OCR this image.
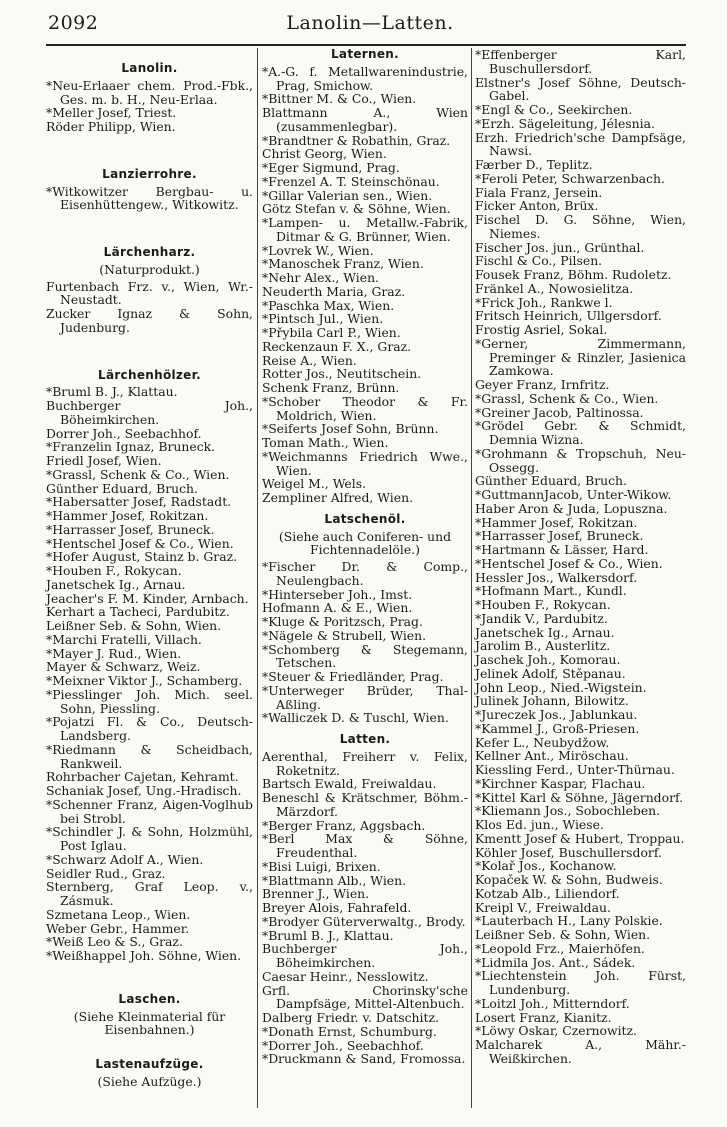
2092	Lanolin—Latten.
Lanolin.
*Neu-Erlaaer chem. Prod.-Fbk., Ges. m. b. H., Neu-Erlaa.
*Meller Josef, Triest.
Röder Philipp, Wien.
Lanzierrohre.
*Witkowitzer Bergbau- u. Eisenhüttengew., Witkowitz.
Lärchenharz.
(Naturprodukt.)
Furtenbach Frz. v., Wien, Wr.-Neustadt.
Zucker Ignaz & Sohn, Judenburg.
Lärchenhölzer.
*Bruml B. J., Klattau.
Buchberger Joh., Böheimkirchen.
Dorrer Joh., Seebachhof.
*Franzelin Ignaz, Bruneck.
Friedl Josef, Wien.
*Grassl, Schenk & Co., Wien.
Günther Eduard, Bruch.
*Habersatter Josef, Radstadt.
*Hammer Josef, Rokitzan.
*Harrasser Josef, Bruneck.
*Hentschel Josef & Co., Wien.
*Hofer August, Stainz b. Graz.
*Houben F., Rokycan.
Janetschek Ig., Arnau.
Jeacher's F. M. Kinder, Arnbach.
Kerhart a Tacheci, Pardubitz.
Leißner Seb. & Sohn, Wien.
*Marchi Fratelli, Villach.
*Mayer J. Rud., Wien.
Mayer & Schwarz, Weiz.
*Meixner Viktor J., Schamberg.
*Piesslinger Joh. Mich. seel. Sohn, Piessling.
*Pojatzi Fl. & Co., Deutsch-Landsberg.
*Riedmann & Scheidbach, Rankweil.
Rohrbacher Cajetan, Kehramt.
Schaniak Josef, Ung.-Hradisch.
*Schenner Franz, Aigen-Voglhub bei Strobl.
*Schindler J. & Sohn, Holzmühl, Post Iglau.
*Schwarz Adolf A., Wien.
Seidler Rud., Graz.
Sternberg, Graf Leop. v., Zásmuk.
Szmetana Leop., Wien.
Weber Gebr., Hammer.
*Weiß Leo & S., Graz.
*Weißhappel Joh. Söhne, Wien.
Laschen.
(Siehe Kleinmaterial für Eisenbahnen.)
Lastenaufzüge.
(Siehe Aufzüge.)
Laternen.
*A.-G. f. Metallwarenindustrie, Prag, Smichow.
*Bittner M. & Co., Wien.
Blattmann A., Wien (zusammenlegbar).
*Brandtner & Robathin, Graz.
Christ Georg, Wien.
*Eger Sigmund, Prag.
*Frenzel A. T. Steinschönau.
*Gillar Valerian sen., Wien.
Götz Stefan v. & Söhne, Wien.
*Lampen- u. Metallw.-Fabrik, Ditmar & G. Brünner, Wien.
*Lovrek W., Wien.
*Manoschek Franz, Wien.
*Nehr Alex., Wien.
Neuderth Maria, Graz.
*Paschka Max, Wien.
*Pintsch Jul., Wien.
*Přybila Carl P., Wien.
Reckenzaun F. X., Graz.
Reise A., Wien.
Rotter Jos., Neutitschein.
Schenk Franz, Brünn.
*Schober Theodor & Fr. Moldrich, Wien.
*Seiferts Josef Sohn, Brünn.
Toman Math., Wien.
*Weichmanns Friedrich Wwe., Wien.
Weigel M., Wels.
Zempliner Alfred, Wien.
Latschenöl.
(Siehe auch Coniferen- und Fichtennadelöle.)
*Fischer Dr. & Comp., Neulengbach.
*Hinterseber Joh., Imst.
Hofmann A. & E., Wien.
*Kluge & Poritzsch, Prag.
*Nägele & Strubell, Wien.
*Schomberg & Stegemann, Tetschen.
*Steuer & Friedländer, Prag.
*Unterweger Brüder, Thal-Aßling.
*Walliczek D. & Tuschl, Wien.
Latten.
Aerenthal, Freiherr v. Felix, Roketnitz.
Bartsch Ewald, Freiwaldau.
Beneschl & Krätschmer, Böhm.-Märzdorf.
*Berger Franz, Aggsbach.
*Berl Max & Söhne, Freudenthal.
*Bisi Luigi, Brixen.
*Blattmann Alb., Wien.
Brenner J., Wien.
Breyer Alois, Fahrafeld.
*Brodyer Güterverwaltg., Brody.
*Bruml B. J., Klattau.
Buchberger Joh., Böheimkirchen.
Caesar Heinr., Nesslowitz.
Grfl. Chorinsky'sche Dampfsäge, Mittel-Altenbuch.
Dalberg Friedr. v. Datschitz.
*Donath Ernst, Schumburg.
*Dorrer Joh., Seebachhof.
*Druckmann & Sand, Fromossa.
*Effenberger Karl, Buschullersdorf.
Elstner's Josef Söhne, Deutsch-Gabel.
*Engl & Co., Seekirchen.
*Erzh. Sägeleitung, Jélesnia.
Erzh. Friedrich'sche Dampfsäge, Nawsi.
Færber D., Teplitz.
*Feroli Peter, Schwarzenbach.
Fiala Franz, Jersein.
Ficker Anton, Brüx.
Fischel D. G. Söhne, Wien, Niemes.
Fischer Jos. jun., Grünthal.
Fischl & Co., Pilsen.
Fousek Franz, Böhm. Rudoletz.
Fränkel A., Nowosielitza.
*Frick Joh., Rankwe l.
Fritsch Heinrich, Ullgersdorf.
Frostig Asriel, Sokal.
*Gerner, Zimmermann, Preminger & Rinzler, Jasienica Zamkowa.
Geyer Franz, Irnfritz.
*Grassl, Schenk & Co., Wien.
*Greiner Jacob, Paltinossa.
*Grödel Gebr. & Schmidt, Demnia Wizna.
*Grohmann & Tropschuh, Neu-Ossegg.
Günther Eduard, Bruch.
*GuttmannJacob, Unter-Wikow.
Haber Aron & Juda, Lopuszna.
*Hammer Josef, Rokitzan.
*Harrasser Josef, Bruneck.
*Hartmann & Lässer, Hard.
*Hentschel Josef & Co., Wien.
Hessler Jos., Walkersdorf.
*Hofmann Mart., Kundl.
*Houben F., Rokycan.
*Jandik V., Pardubitz.
Janetschek Ig., Arnau.
Jarolim B., Austerlitz.
Jaschek Joh., Komorau.
Jelinek Adolf, Stěpanau.
John Leop., Nied.-Wigstein.
Julinek Johann, Bilowitz.
*Jureczek Jos., Jablunkau.
*Kammel J., Groß-Priesen.
Kefer L., Neubydžow.
Kellner Ant., Miröschau.
Kiessling Ferd., Unter-Thürnau.
*Kirchner Kaspar, Flachau.
*Kittel Karl & Söhne, Jägerndorf.
*Kliemann Jos., Sobochleben.
Klos Ed. jun., Wiese.
Kmentt Josef & Hubert, Troppau.
Köhler Josef, Buschullersdorf.
*Kolař Jos., Kochanow.
Kopaček W. & Sohn, Budweis.
Kotzab Alb., Liliendorf.
Kreipl V., Freiwaldau.
*Lauterbach H., Lany Polskie.
Leißner Seb. & Sohn, Wien.
*Leopold Frz., Maierhöfen.
*Lidmila Jos. Ant., Sádek.
*Liechtenstein Joh. Fürst, Lundenburg.
*Loitzl Joh., Mitterndorf.
Losert Franz, Kianitz.
*Löwy Oskar, Czernowitz.
Malcharek A., Mähr.-Weißkirchen.
